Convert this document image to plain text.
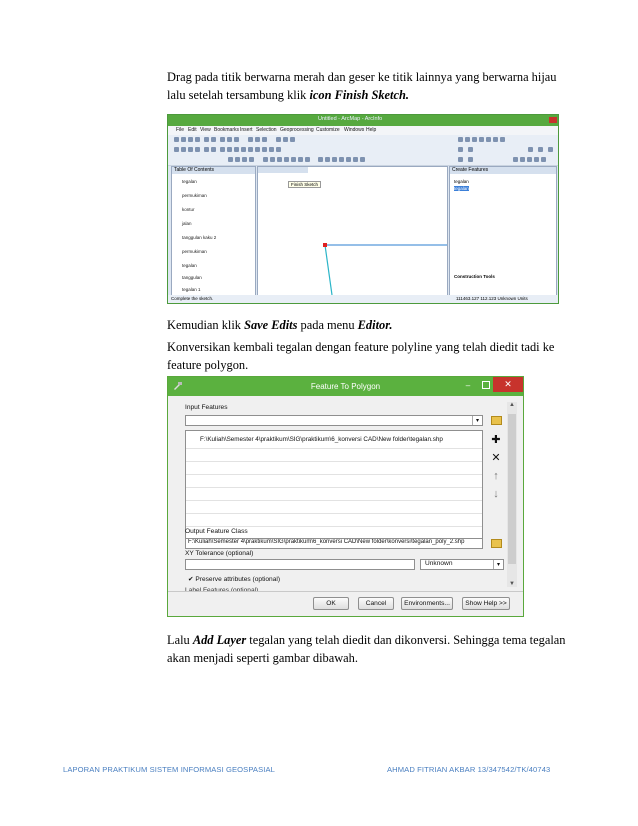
Drag pada titik berwarna merah dan geser ke titik lainnya yang berwarna hijau lalu setelah tersambung klik icon Finish Sketch.
Untitled - ArcMap - ArcInfo
File Edit View Bookmarks Insert Selection Geoprocessing Customize Windows Help
Table Of Contents
tegalan
permukiman
kontur
jalan
tanggulan kaku 2
permukiman
tegalan
tanggulan
tegalan 1
Finish Sketch
Create Features
tegalan
tegalan
Construction Tools
Complete the sketch.	111463.127 112.123 Unknown Units
Kemudian klik Save Edits pada menu Editor.
Konversikan kembali tegalan dengan feature polyline yang telah diedit tadi ke feature polygon.
Feature To Polygon	–	✕
Input Features
▾
F:\Kuliah\Semester 4\praktikum\SIG\praktikum\6_konversi CAD\New folder\tegalan.shp	✚
✕
↑
↓
Output Feature Class
F:\Kuliah\Semester 4\praktikum\SIG\praktikum\6_konversi CAD\New folder\konversi\tegalan_poly_2.shp
XY Tolerance (optional)
Unknown	▾
✔ Preserve attributes (optional)
▲
▼
OK	Cancel	Environments...	Show Help >>
Lalu Add Layer tegalan yang telah diedit dan dikonversi. Sehingga tema tegalan akan menjadi seperti gambar dibawah.
LAPORAN PRAKTIKUM SISTEM INFORMASI GEOSPASIAL	AHMAD FITRIAN AKBAR 13/347542/TK/40743
